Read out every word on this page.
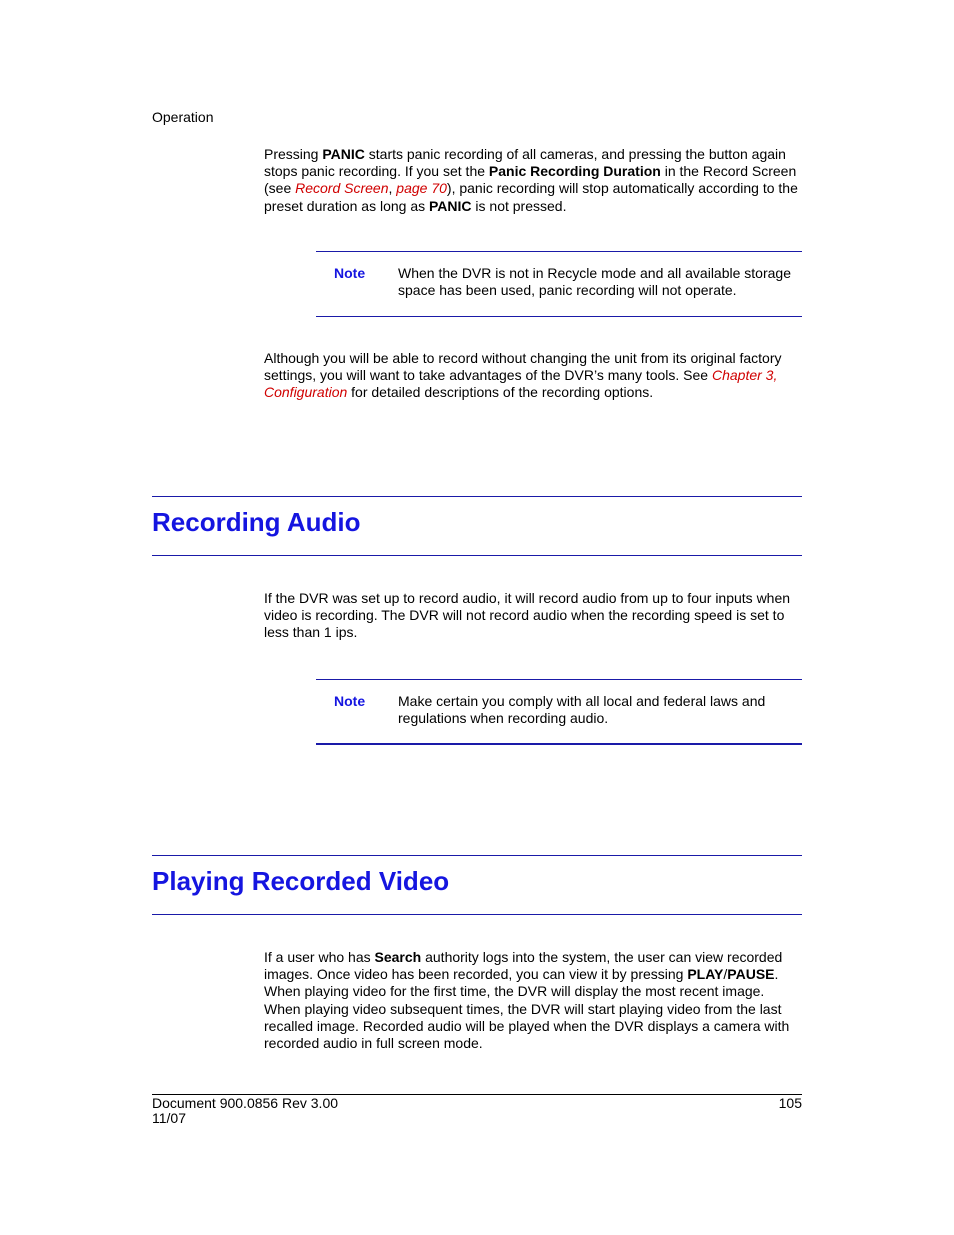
Operation
Pressing PANIC starts panic recording of all cameras, and pressing the button again stops panic recording. If you set the Panic Recording Duration in the Record Screen (see Record Screen, page 70), panic recording will stop automatically according to the preset duration as long as PANIC is not pressed.
Note When the DVR is not in Recycle mode and all available storage space has been used, panic recording will not operate.
Although you will be able to record without changing the unit from its original factory settings, you will want to take advantages of the DVR’s many tools. See Chapter 3, Configuration for detailed descriptions of the recording options.
Recording Audio
If the DVR was set up to record audio, it will record audio from up to four inputs when video is recording. The DVR will not record audio when the recording speed is set to less than 1 ips.
Note Make certain you comply with all local and federal laws and regulations when recording audio.
Playing Recorded Video
If a user who has Search authority logs into the system, the user can view recorded images. Once video has been recorded, you can view it by pressing PLAY/PAUSE. When playing video for the first time, the DVR will display the most recent image. When playing video subsequent times, the DVR will start playing video from the last recalled image. Recorded audio will be played when the DVR displays a camera with recorded audio in full screen mode.
Document 900.0856 Rev 3.00
11/07
105
